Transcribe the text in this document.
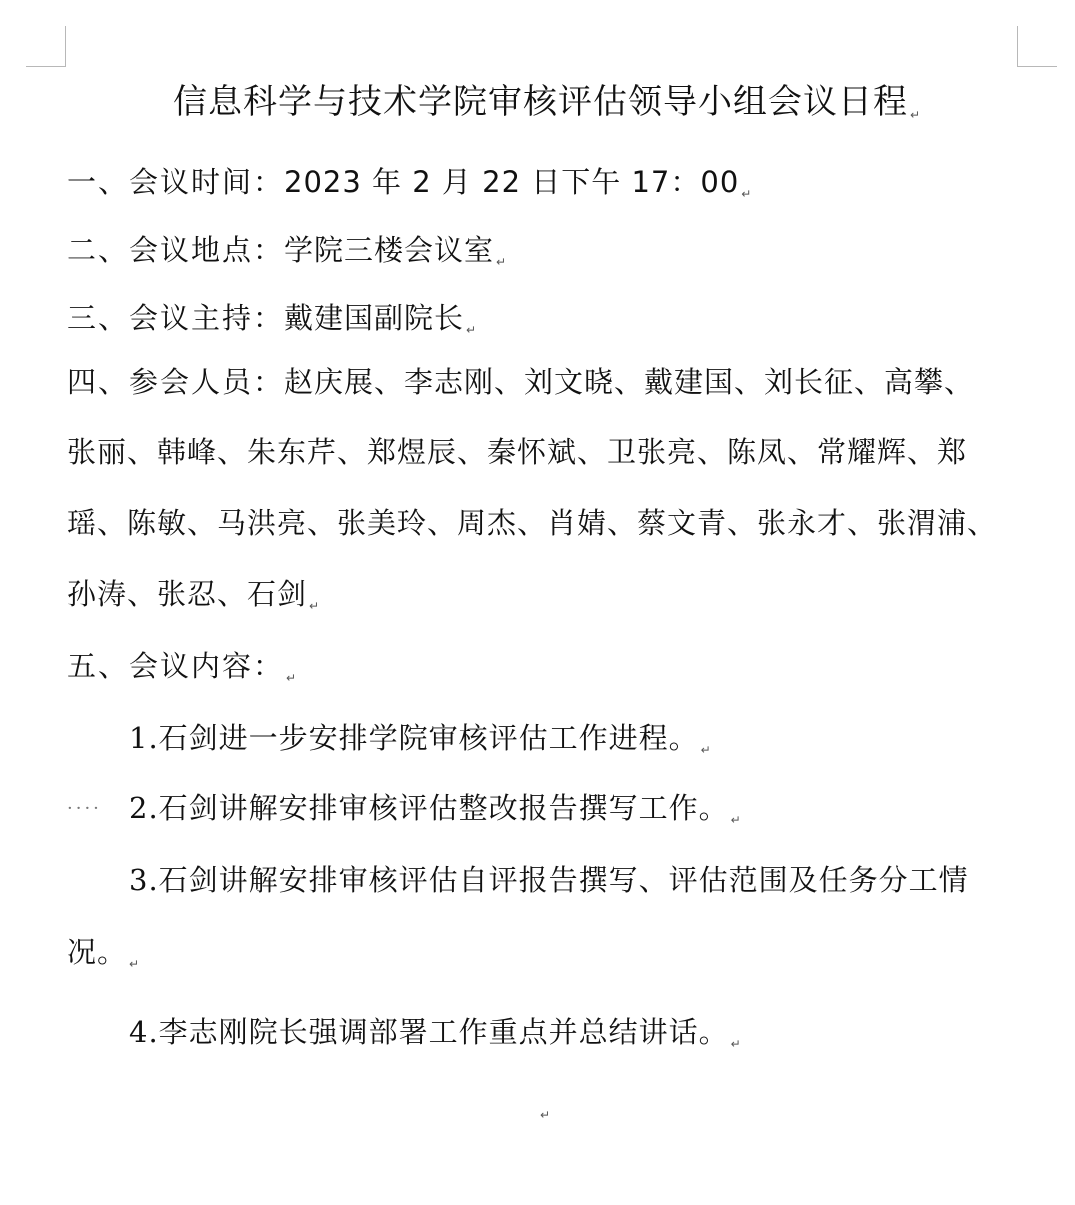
信息科学与技术学院审核评估领导小组会议日程 ↵
一、会议时间：2023 年 2 月 22 日下午 17：00 $_↵$
二、会议地点：学院三楼会议室 $_↵$
三、会议主持：戴建国副院长 $_↵$
四、参会人员：赵庆展、李志刚、刘文晓、戴建国、刘长征、高攀、
张丽、韩峰、朱东芹、郑煜辰、秦怀斌、卫张亮、陈凤、常耀辉、郑
瑶、陈敏、马洪亮、张美玲、周杰、肖婧、蔡文青、张永才、张渭浦、
孙涛、张忍、石剑 $_↵$
五、会议内容： $_↵$
1.石剑进一步安排学院审核评估工作进程。 $_↵$
···· 2.石剑讲解安排审核评估整改报告撰写工作。 $_↵$
3.石剑讲解安排审核评估自评报告撰写、评估范围及任务分工情
况。 $_↵$
4.李志刚院长强调部署工作重点并总结讲话。 $_↵$
↵
